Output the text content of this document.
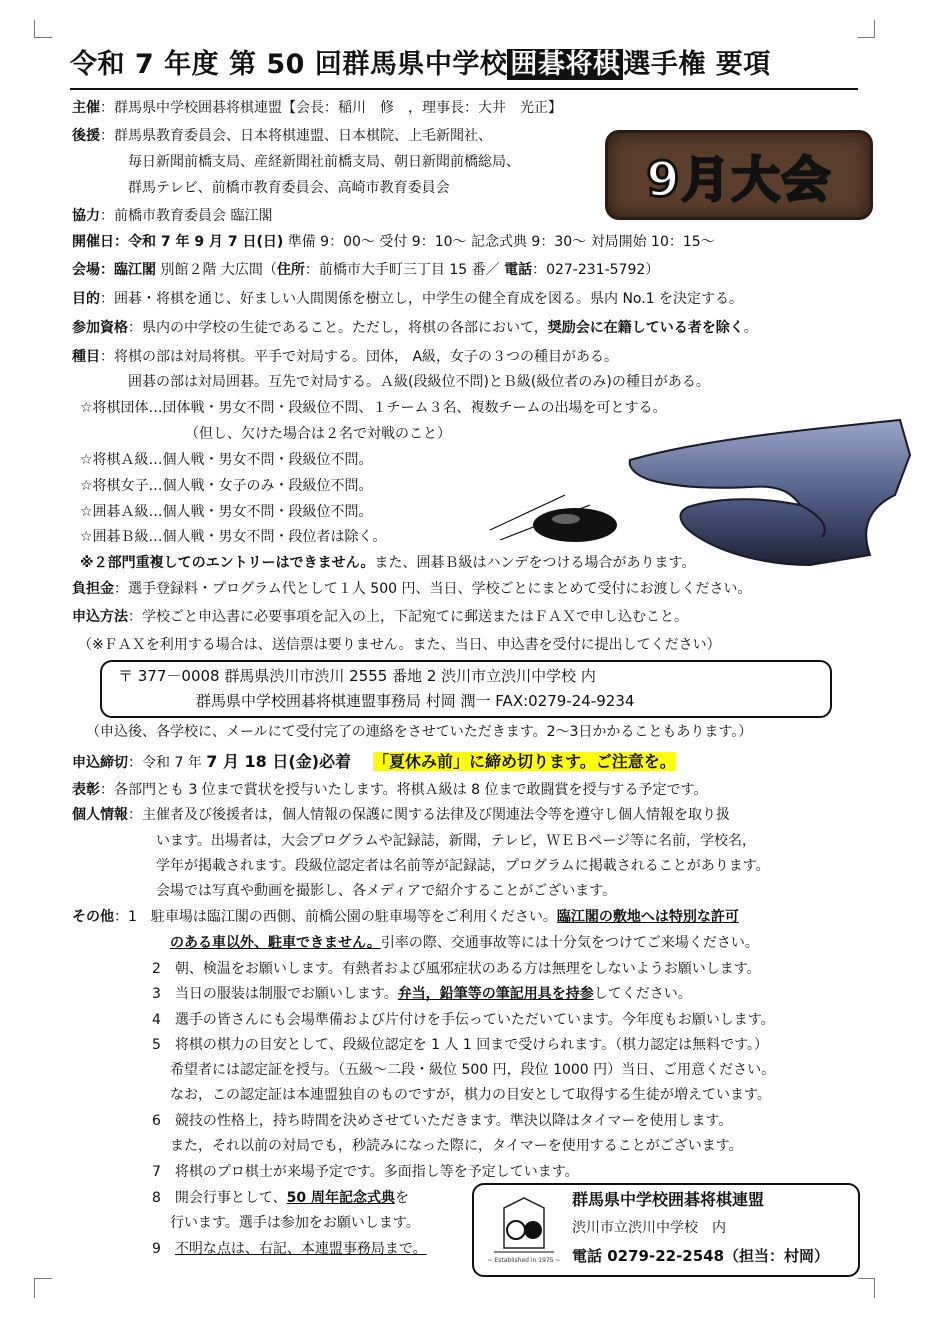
令和 7 年度 第 50 回群馬県中学校 囲碁将棋 選手権 要項
9月大会
主催：群馬県中学校囲碁将棋連盟【会長：稲川　修　，理事長：大井　光正】
後援：群馬県教育委員会、日本将棋連盟、日本棋院、上毛新聞社、
毎日新聞前橋支局、産経新聞社前橋支局、朝日新聞前橋総局、
群馬テレビ、前橋市教育委員会、高崎市教育委員会
協力：前橋市教育委員会 臨江閣
開催日：令和 7 年 9 月 7 日(日) 準備 9：00～ 受付 9：10～ 記念式典 9：30～ 対局開始 10：15～
会場：臨江閣 別館２階 大広間（住所：前橋市大手町三丁目 15 番／ 電話：027-231-5792）
目的：囲碁・将棋を通じ、好ましい人間関係を樹立し，中学生の健全育成を図る。県内 No.1 を決定する。
参加資格：県内の中学校の生徒であること。ただし，将棋の各部において，奨励会に在籍している者を除く。
種目：将棋の部は対局将棋。平手で対局する。団体， A級，女子の３つの種目がある。
囲碁の部は対局囲碁。互先で対局する。Ａ級(段級位不問)とＢ級(級位者のみ)の種目がある。
☆将棋団体…団体戦・男女不問・段級位不問、１チーム３名、複数チームの出場を可とする。
（但し、欠けた場合は２名で対戦のこと）
☆将棋Ａ級…個人戦・男女不問・段級位不問。
☆将棋女子…個人戦・女子のみ・段級位不問。
☆囲碁Ａ級…個人戦・男女不問・段級位不問。
☆囲碁Ｂ級…個人戦・男女不問・段位者は除く。
※２部門重複してのエントリーはできません。また、囲碁Ｂ級はハンデをつける場合があります。
負担金：選手登録料・プログラム代として１人 500 円、当日、学校ごとにまとめて受付にお渡しください。
申込方法：学校ごと申込書に必要事項を記入の上，下記宛てに郵送またはＦＡＸで申し込むこと。
（※ＦＡＸを利用する場合は、送信票は要りません。また、当日、申込書を受付に提出してください）
〒 377－0008 群馬県渋川市渋川 2555 番地 2 渋川市立渋川中学校 内
群馬県中学校囲碁将棋連盟事務局 村岡 潤一 FAX:0279-24-9234
（申込後、各学校に、メールにて受付完了の連絡をさせていただきます。2～3日かかることもあります。）
申込締切：令和 7 年 7 月 18 日(金)必着 「夏休み前」に締め切ります。ご注意を。
表彰：各部門とも 3 位まで賞状を授与いたします。将棋Ａ級は 8 位まで敢闘賞を授与する予定です。
個人情報：主催者及び後援者は，個人情報の保護に関する法律及び関連法令等を遵守し個人情報を取り扱
います。出場者は，大会プログラムや記録誌，新聞，テレビ，ＷＥＢページ等に名前，学校名，
学年が掲載されます。段級位認定者は名前等が記録誌，プログラムに掲載されることがあります。
会場では写真や動画を撮影し、各メディアで紹介することがございます。
その他：1　駐車場は臨江閣の西側、前橋公園の駐車場等をご利用ください。臨江閣の敷地へは特別な許可
のある車以外、駐車できません。引率の際、交通事故等には十分気をつけてご来場ください。
2　朝、検温をお願いします。有熱者および風邪症状のある方は無理をしないようお願いします。
3　当日の服装は制服でお願いします。弁当，鉛筆等の筆記用具を持参してください。
4　選手の皆さんにも会場準備および片付けを手伝っていただいています。今年度もお願いします。
5　将棋の棋力の目安として、段級位認定を 1 人 1 回まで受けられます。（棋力認定は無料です。）
希望者には認定証を授与。（五級～二段・級位 500 円，段位 1000 円）当日、ご用意ください。
なお，この認定証は本連盟独自のものですが，棋力の目安として取得する生徒が増えています。
6　競技の性格上，持ち時間を決めさせていただきます。準決以降はタイマーを使用します。
また，それ以前の対局でも，秒読みになった際に，タイマーを使用することがございます。
7　将棋のプロ棋士が来場予定です。多面指し等を予定しています。
8　開会行事として、50 周年記念式典を
行います。選手は参加をお願いします。
9　不明な点は、右記、本連盟事務局まで。
~ Established in 1975 ~
群馬県中学校囲碁将棋連盟
渋川市立渋川中学校　内
電話 0279-22-2548（担当：村岡）
